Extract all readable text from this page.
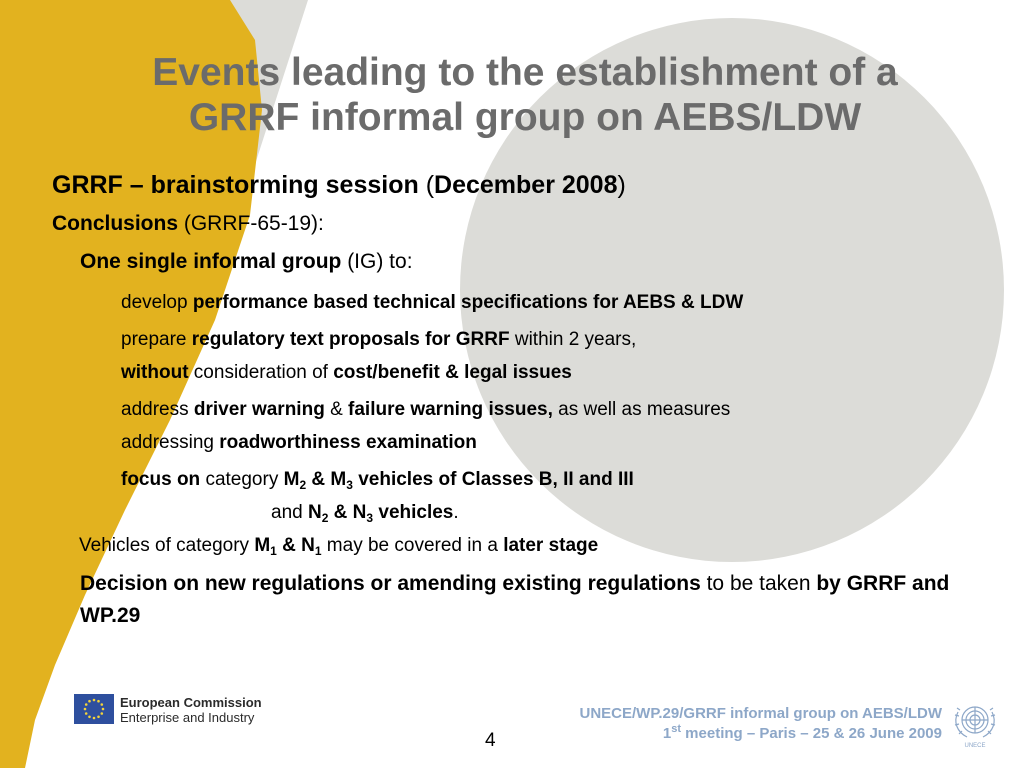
Events leading to the establishment of a
GRRF informal group on AEBS/LDW
GRRF – brainstorming session (December 2008)
Conclusions (GRRF-65-19):
One single informal group (IG) to:
develop performance based technical specifications for AEBS & LDW
prepare regulatory text proposals for GRRF within 2 years,
without consideration of cost/benefit & legal issues
address driver warning & failure warning issues, as well as measures
addressing roadworthiness examination
focus on category $M_2$ & $M_3$ vehicles of Classes B, II and III
and $N_2$ & $N_3$ vehicles.
Vehicles of category $M_1$ & $N_1$ may be covered in a later stage
Decision on new regulations or amending existing regulations to be taken by GRRF and WP.29
European Commission
Enterprise and Industry
4
UNECE/WP.29/GRRF informal group on AEBS/LDW
1st meeting – Paris – 25 & 26 June 2009
UNECE
